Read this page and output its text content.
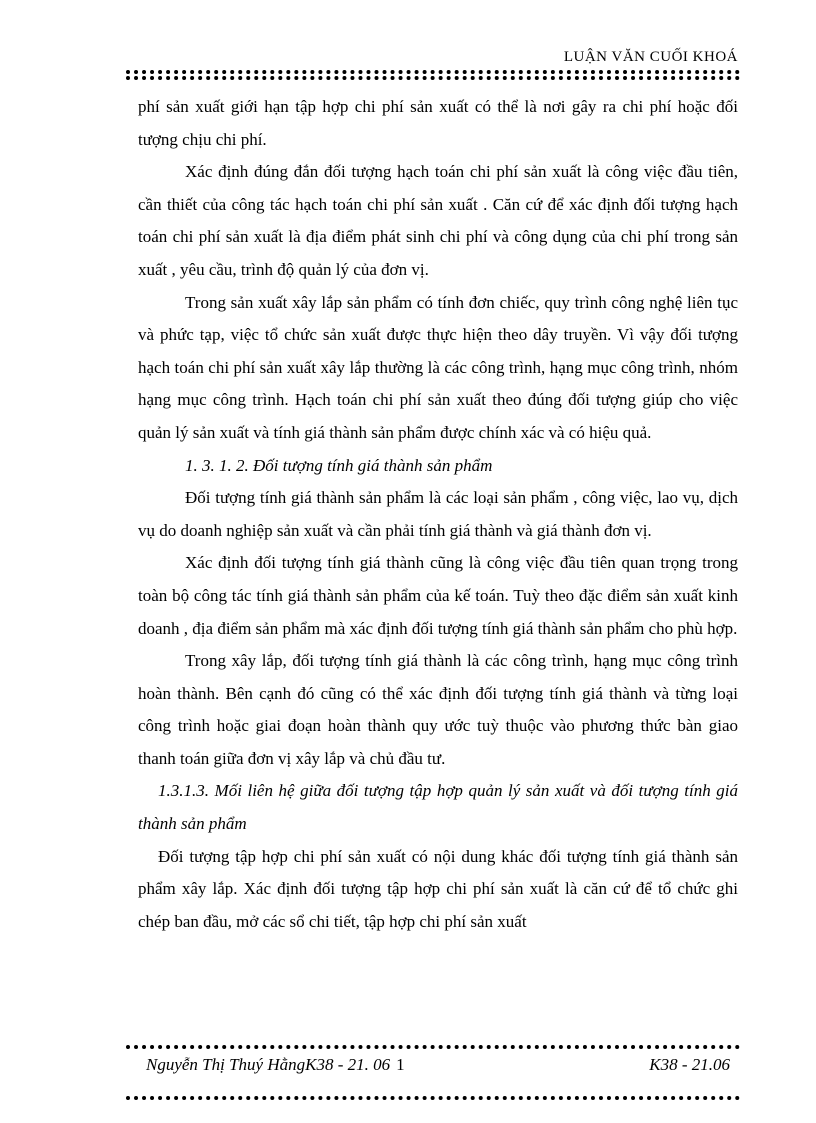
LUẬN VĂN CUỐI KHOÁ

phí sản xuất giới hạn tập hợp chi phí sản xuất có thể là nơi gây ra chi phí hoặc đối tượng chịu chi phí.

Xác định đúng đắn đối tượng hạch toán chi phí sản xuất là công việc đầu tiên, cần thiết của công tác hạch toán chi phí sản xuất . Căn cứ để xác định đối tượng hạch toán chi phí sản xuất là địa điểm phát sinh chi phí và công dụng của chi phí trong sản xuất , yêu cầu, trình độ quản lý của đơn vị.

Trong sản xuất xây lắp sản phẩm có tính đơn chiếc, quy trình công nghệ liên tục và phức tạp, việc tổ chức sản xuất được thực hiện theo dây truyền. Vì vậy đối tượng hạch toán chi phí sản xuất xây lắp thường là các công trình, hạng mục công trình, nhóm hạng mục công trình. Hạch toán chi phí sản xuất theo đúng đối tượng giúp cho việc quản lý sản xuất và tính giá thành sản phẩm được chính xác và có hiệu quả.

1. 3. 1. 2. Đối tượng tính giá thành sản phẩm

Đối tượng tính giá thành sản phẩm là các loại sản phẩm , công việc, lao vụ, dịch vụ do doanh nghiệp sản xuất và cần phải tính giá thành và giá thành đơn vị.

Xác định đối tượng tính giá thành cũng là công việc đầu tiên quan trọng trong toàn bộ công tác tính giá thành sản phẩm của kế toán. Tuỳ theo đặc điểm sản xuất kinh doanh , địa điểm sản phẩm mà xác định đối tượng tính giá thành sản phẩm cho phù hợp.

Trong xây lắp, đối tượng tính giá thành là các công trình, hạng mục công trình hoàn thành. Bên cạnh đó cũng có thể xác định đối tượng tính giá thành và từng loại công trình hoặc giai đoạn hoàn thành quy ước tuỳ thuộc vào phương thức bàn giao thanh toán giữa đơn vị xây lắp và chủ đầu tư.

1.3.1.3. Mối liên hệ giữa đối tượng tập hợp quản lý sản xuất và đối tượng tính giá thành sản phẩm

Đối tượng tập hợp chi phí sản xuất có nội dung khác đối tượng tính giá thành sản phẩm xây lắp. Xác định đối tượng tập hợp chi phí sản xuất là căn cứ để tổ chức ghi chép ban đầu, mở các sổ chi tiết, tập hợp chi phí sản xuất

Nguyễn Thị Thuý HằngK38 - 21. 06 1	K38 - 21.06
